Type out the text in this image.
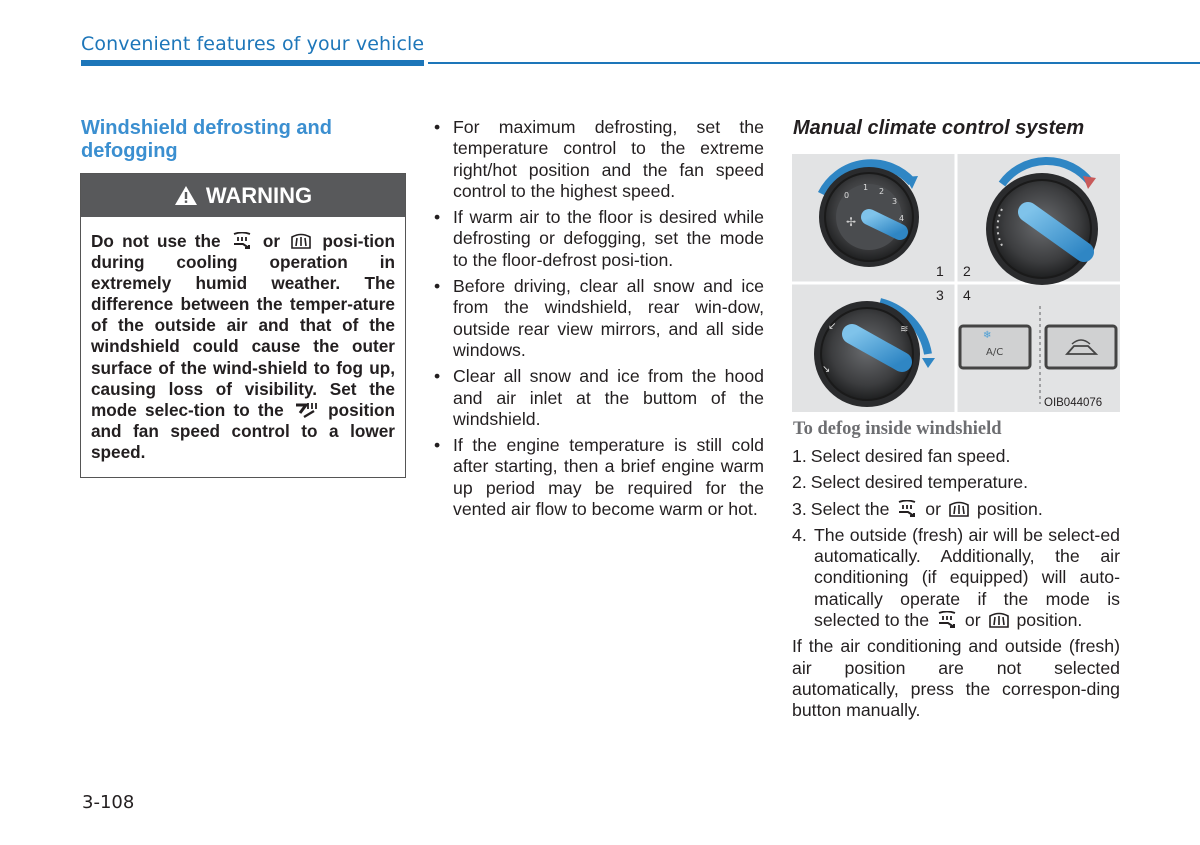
Convenient features of your vehicle
Windshield defrosting and defogging
WARNING
Do not use the or posi-tion during cooling operation in extremely humid weather. The difference between the temper-ature of the outside air and that of the windshield could cause the outer surface of the wind-shield to fog up, causing loss of visibility. Set the mode selec-tion to the	position and fan speed control to a lower speed.
• For maximum defrosting, set the temperature control to the extreme right/hot position and the fan speed control to the highest speed.
• If warm air to the floor is desired while defrosting or defogging, set the mode to the floor-defrost posi-tion.
• Before driving, clear all snow and ice from the windshield, rear win-dow, outside rear view mirrors, and all side windows.
• Clear all snow and ice from the hood and air inlet at the buttom of the windshield.
• If the engine temperature is still cold after starting, then a brief engine warm up period may be required for the vented air flow to become warm or hot.
Manual climate control system
0
1 2
3
4
✢
1 2
3 4
↙
↘
≋
❄
A/C
OIB044076
To defog inside windshield
1. Select desired fan speed.
2. Select desired temperature.
3. Select the or position.
4. The outside (fresh) air will be select-ed automatically. Additionally, the air conditioning (if equipped) will auto-matically operate if the mode is selected to the or position.
If the air conditioning and outside (fresh) air position are not selected automatically, press the correspon-ding button manually.
3-108
